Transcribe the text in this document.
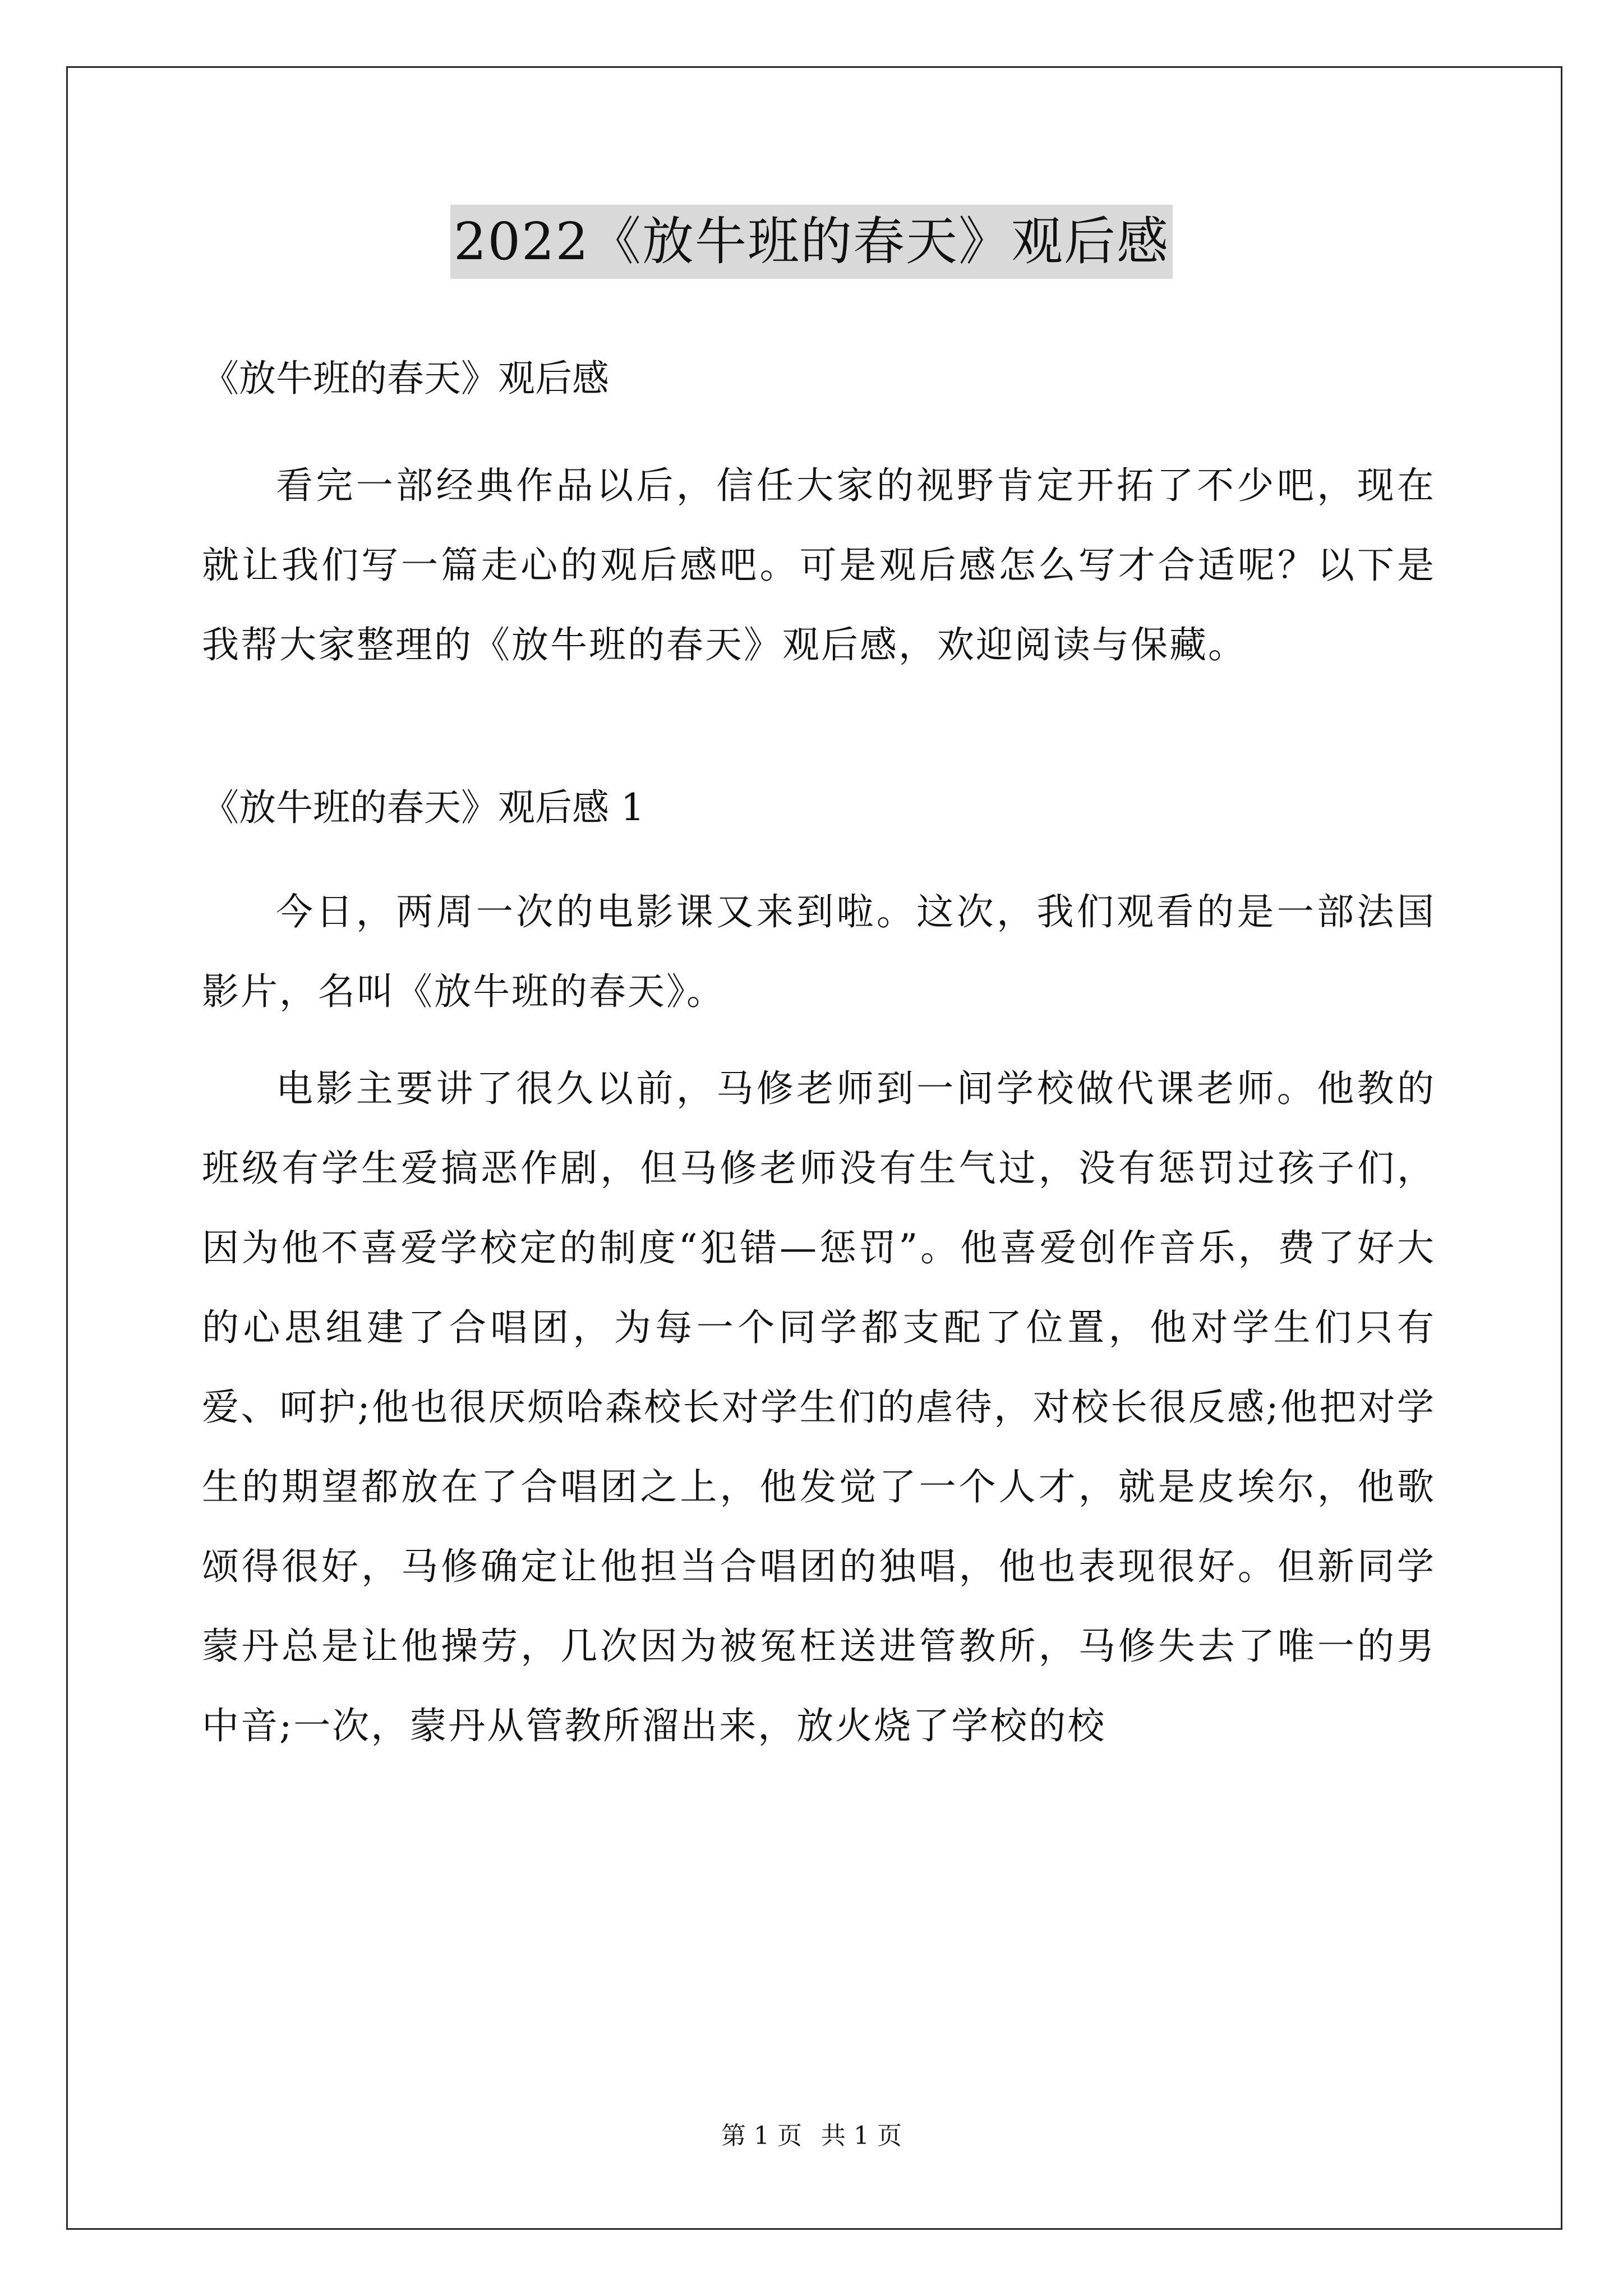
2022《放牛班的春天》观后感
《放牛班的春天》观后感
看完一部经典作品以后，信任大家的视野肯定开拓了不少吧，现在就让我们写一篇走心的观后感吧。可是观后感怎么写才合适呢？以下是我帮大家整理的《放牛班的春天》观后感，欢迎阅读与保藏。
《放牛班的春天》观后感 1
今日，两周一次的电影课又来到啦。这次，我们观看的是一部法国影片，名叫《放牛班的春天》。
电影主要讲了很久以前，马修老师到一间学校做代课老师。他教的班级有学生爱搞恶作剧，但马修老师没有生气过，没有惩罚过孩子们，因为他不喜爱学校定的制度“犯错—惩罚”。他喜爱创作音乐，费了好大的心思组建了合唱团，为每一个同学都支配了位置，他对学生们只有爱、呵护;他也很厌烦哈森校长对学生们的虐待，对校长很反感;他把对学生的期望都放在了合唱团之上，他发觉了一个人才，就是皮埃尔，他歌颂得很好，马修确定让他担当合唱团的独唱，他也表现很好。但新同学蒙丹总是让他操劳，几次因为被冤枉送进管教所，马修失去了唯一的男中音;一次，蒙丹从管教所溜出来，放火烧了学校的校
第 1 页 共 1 页
